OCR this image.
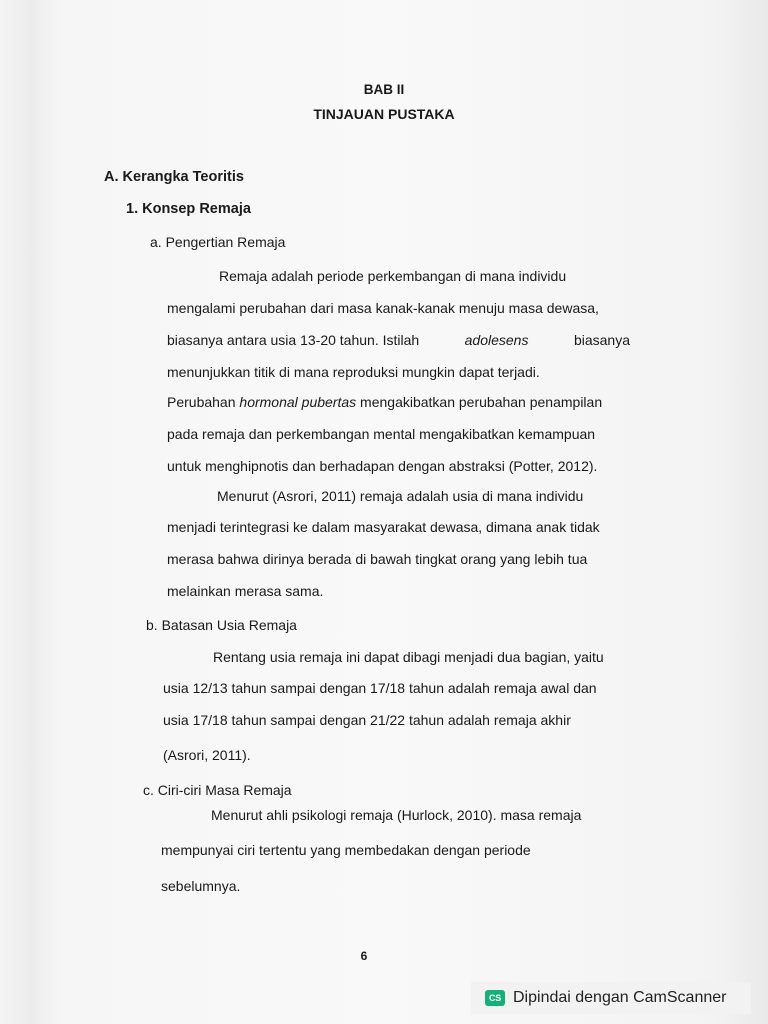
BAB II
TINJAUAN PUSTAKA
A. Kerangka Teoritis
1. Konsep Remaja
a. Pengertian Remaja
Remaja adalah periode perkembangan di mana individu
mengalami perubahan dari masa kanak-kanak menuju masa dewasa,
biasanya antara usia 13-20 tahun. Istilah	adolesens	biasanya
menunjukkan titik di mana reproduksi mungkin dapat terjadi.
Perubahan hormonal pubertas mengakibatkan perubahan penampilan
pada remaja dan perkembangan mental mengakibatkan kemampuan
untuk menghipnotis dan berhadapan dengan abstraksi (Potter, 2012).
Menurut (Asrori, 2011) remaja adalah usia di mana individu
menjadi terintegrasi ke dalam masyarakat dewasa, dimana anak tidak
merasa bahwa dirinya berada di bawah tingkat orang yang lebih tua
melainkan merasa sama.
b. Batasan Usia Remaja
Rentang usia remaja ini dapat dibagi menjadi dua bagian, yaitu
usia 12/13 tahun sampai dengan 17/18 tahun adalah remaja awal dan
usia 17/18 tahun sampai dengan 21/22 tahun adalah remaja akhir
(Asrori, 2011).
c. Ciri-ciri Masa Remaja
Menurut ahli psikologi remaja (Hurlock, 2010). masa remaja
mempunyai ciri tertentu yang membedakan dengan periode
sebelumnya.
6
CS Dipindai dengan CamScanner
